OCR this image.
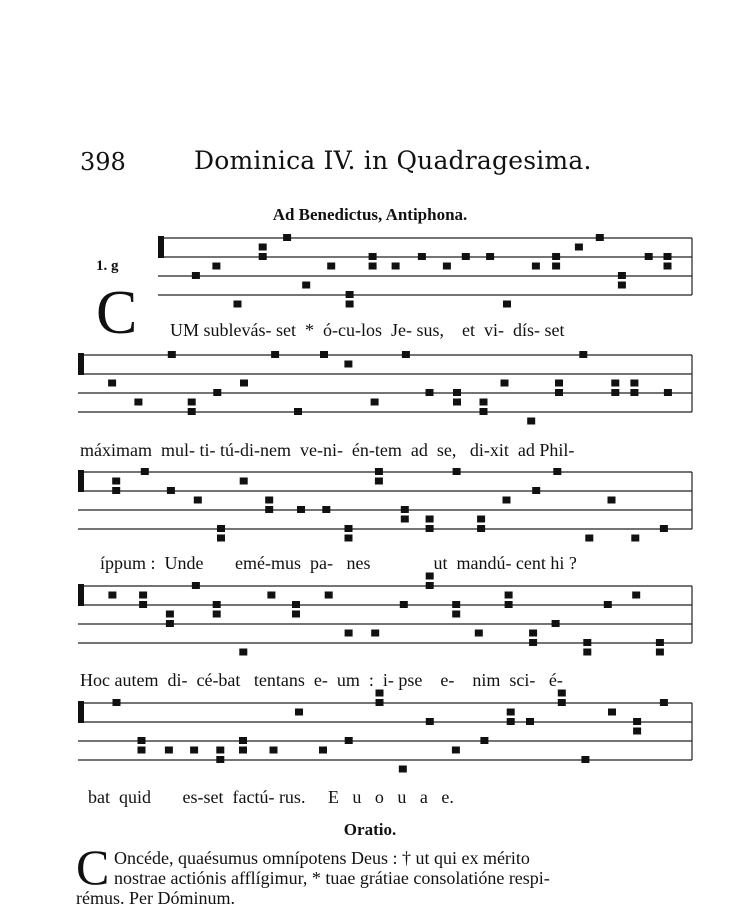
398	Dominica IV. in Quadragesima.
Ad Benedictus, Antiphona.
1. g
C UM sublevás- set  *  ó-cu-los  Je- sus,    et  vi-  dís- set
máximam  mul- ti- tú-di-nem  ve-ni-  én-tem  ad  se,   di-xit  ad Phil-
íppum :  Unde       emé-mus  pa-   nes              ut  mandú- cent hi ?
Hoc autem  di-  cé-bat   tentans  e-  um  :  i- pse    e-    nim  sci-   é-
bat  quid       es-set  factú- rus.     E   u   o   u   a   e.
Oratio.
C Oncéde, quaésumus omnípotens Deus : † ut qui ex mérito
nostrae actiónis afflígimur, * tuae grátiae consolatióne respi-
rémus. Per Dóminum.
